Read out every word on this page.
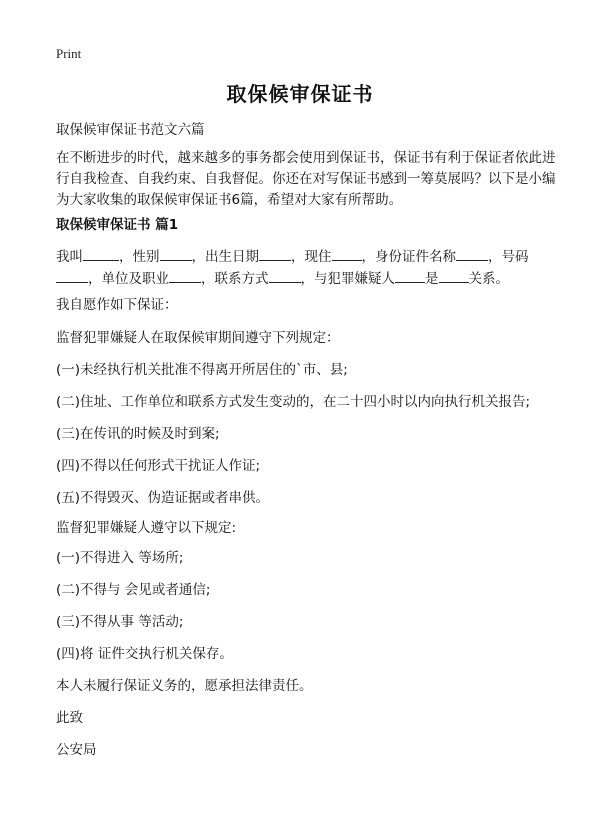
Print
取保候审保证书

取保候审保证书范文六篇

在不断进步的时代，越来越多的事务都会使用到保证书，保证书有利于保证者依此进行自我检查、自我约束、自我督促。你还在对写保证书感到一筹莫展吗？以下是小编为大家收集的取保候审保证书6篇，希望对大家有所帮助。

取保候审保证书 篇1

我叫	，性别 ，出生日期 ，现住 ，身份证件名称 ，号码，单位及职业 ，联系方式 ，与犯罪嫌疑人 是 关系。

我自愿作如下保证：

监督犯罪嫌疑人在取保候审期间遵守下列规定：

(一)未经执行机关批准不得离开所居住的`市、县;

(二)住址、工作单位和联系方式发生变动的，在二十四小时以内向执行机关报告;

(三)在传讯的时候及时到案;

(四)不得以任何形式干扰证人作证;

(五)不得毁灭、伪造证据或者串供。

监督犯罪嫌疑人遵守以下规定:

(一)不得进入 等场所;

(二)不得与 会见或者通信;

(三)不得从事 等活动;

(四)将 证件交执行机关保存。

本人未履行保证义务的，愿承担法律责任。

此致

公安局
